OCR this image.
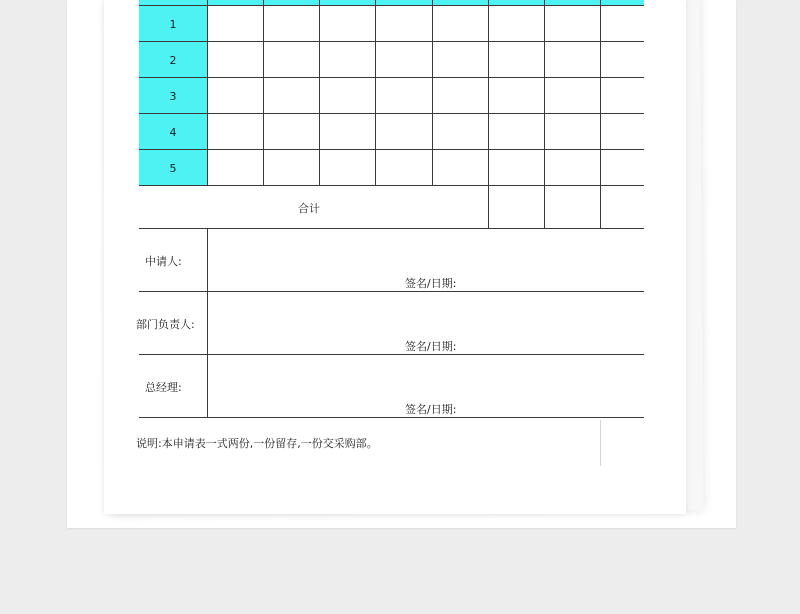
1
2
3
4
5
合计
中请人:
签名/日期:
部门负责人:
签名/日期:
总经理:
签名/日期:
说明:本申请表一式两份,一份留存,一份交采购部。
